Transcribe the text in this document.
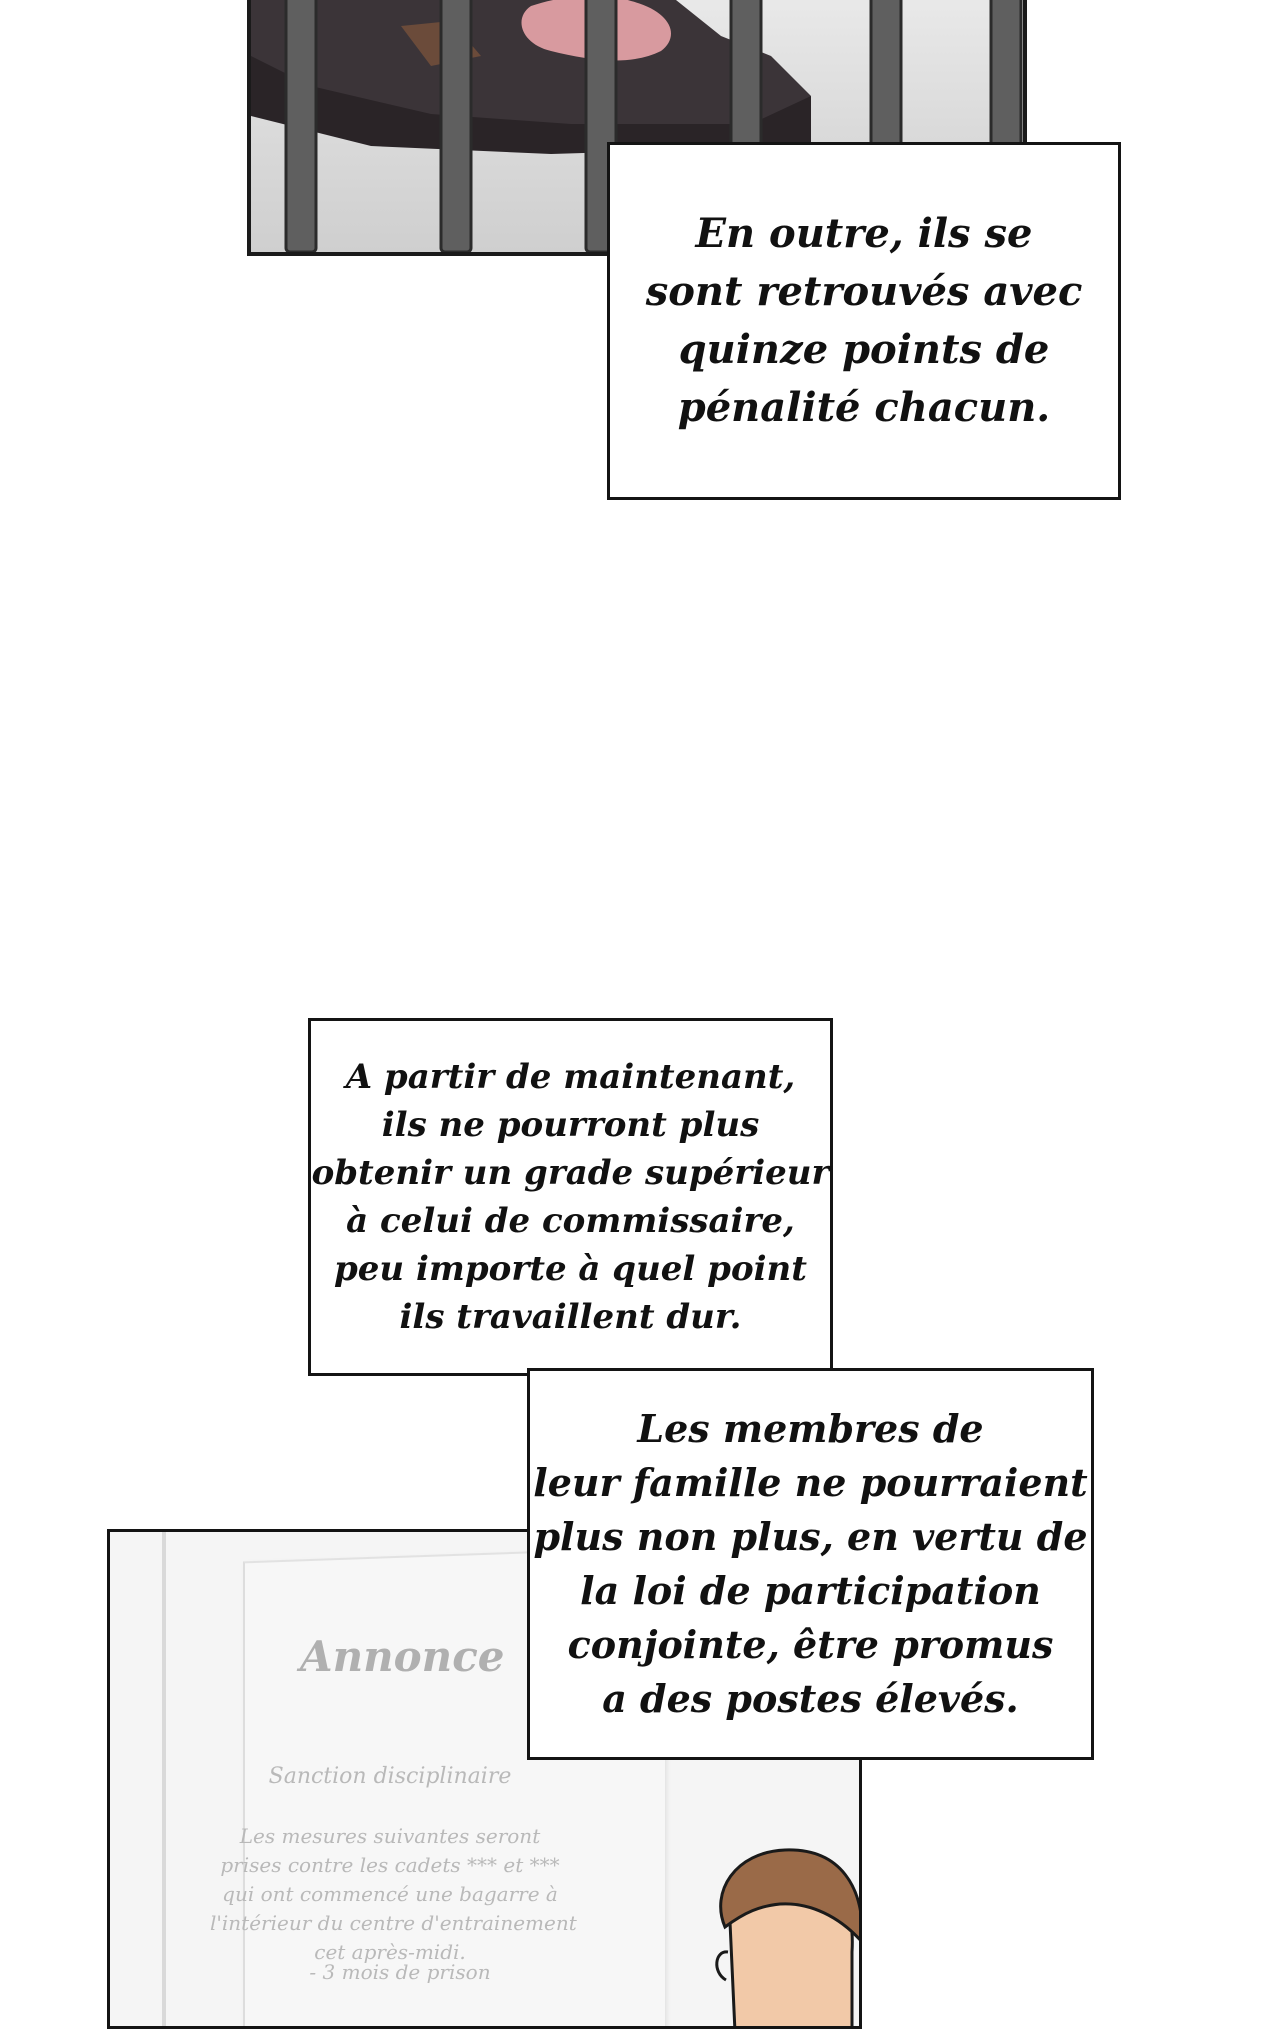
En outre, ils se
sont retrouvés avec
quinze points de
pénalité chacun.
Annonce
Sanction disciplinaire
Les mesures suivantes seront
prises contre les cadets *** et ***
qui ont commencé une bagarre à
l'intérieur du centre d'entrainement
cet après-midi.
- 3 mois de prison
A partir de maintenant,
ils ne pourront plus
obtenir un grade supérieur
à celui de commissaire,
peu importe à quel point
ils travaillent dur.
Les membres de
leur famille ne pourraient
plus non plus, en vertu de
la loi de participation
conjointe, être promus
a des postes élevés.
